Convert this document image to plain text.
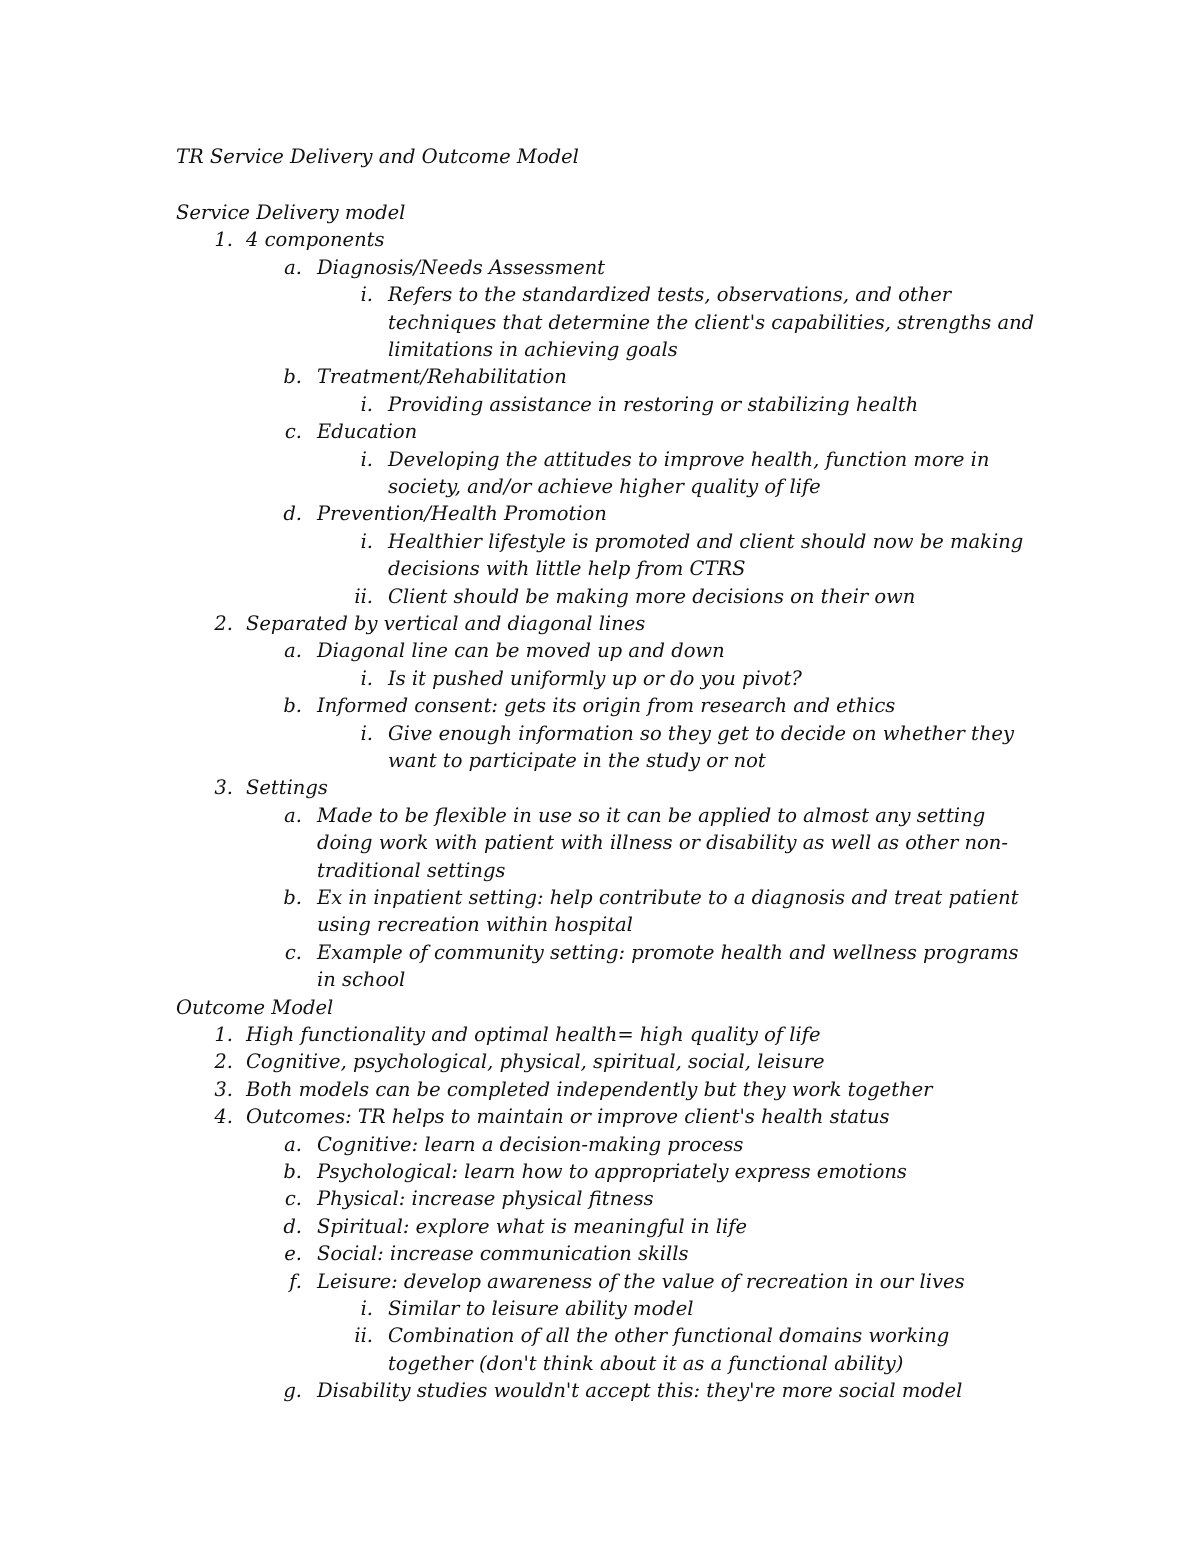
TR Service Delivery and Outcome Model
Service Delivery model
1. 4 components
a. Diagnosis/Needs Assessment
i. Refers to the standardized tests, observations, and other
techniques that determine the client's capabilities, strengths and
limitations in achieving goals
b. Treatment/Rehabilitation
i. Providing assistance in restoring or stabilizing health
c. Education
i. Developing the attitudes to improve health, function more in
society, and/or achieve higher quality of life
d. Prevention/Health Promotion
i. Healthier lifestyle is promoted and client should now be making
decisions with little help from CTRS
ii. Client should be making more decisions on their own
2. Separated by vertical and diagonal lines
a. Diagonal line can be moved up and down
i. Is it pushed uniformly up or do you pivot?
b. Informed consent: gets its origin from research and ethics
i. Give enough information so they get to decide on whether they
want to participate in the study or not
3. Settings
a. Made to be flexible in use so it can be applied to almost any setting
doing work with patient with illness or disability as well as other non-
traditional settings
b. Ex in inpatient setting: help contribute to a diagnosis and treat patient
using recreation within hospital
c. Example of community setting: promote health and wellness programs
in school
Outcome Model
1. High functionality and optimal health= high quality of life
2. Cognitive, psychological, physical, spiritual, social, leisure
3. Both models can be completed independently but they work together
4. Outcomes: TR helps to maintain or improve client's health status
a. Cognitive: learn a decision-making process
b. Psychological: learn how to appropriately express emotions
c. Physical: increase physical fitness
d. Spiritual: explore what is meaningful in life
e. Social: increase communication skills
f. Leisure: develop awareness of the value of recreation in our lives
i. Similar to leisure ability model
ii. Combination of all the other functional domains working
together (don't think about it as a functional ability)
g. Disability studies wouldn't accept this: they're more social model
